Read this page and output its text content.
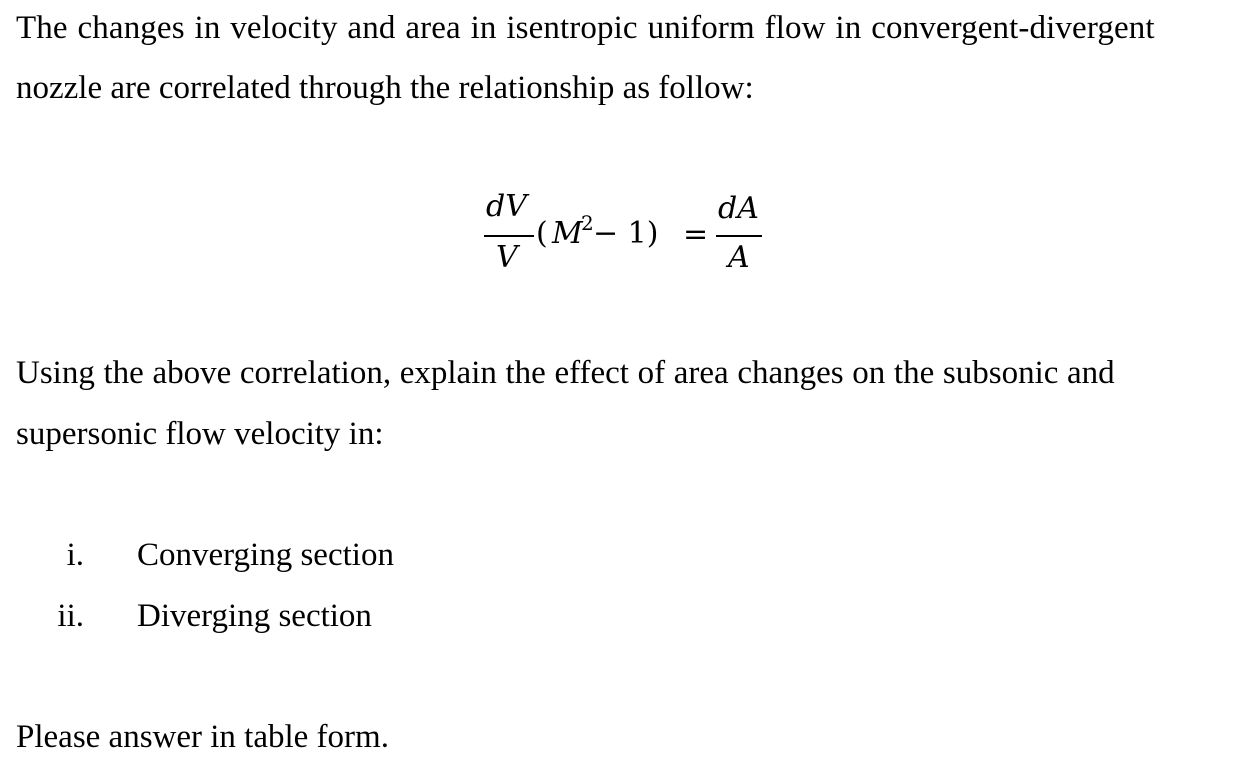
The changes in velocity and area in isentropic uniform flow in convergent-divergent

nozzle are correlated through the relationship as follow:

dV
V
( M
2 − 1) =
dA
A

Using the above correlation, explain the effect of area changes on the subsonic and

supersonic flow velocity in:

i. Converging section
ii. Diverging section

Please answer in table form.
